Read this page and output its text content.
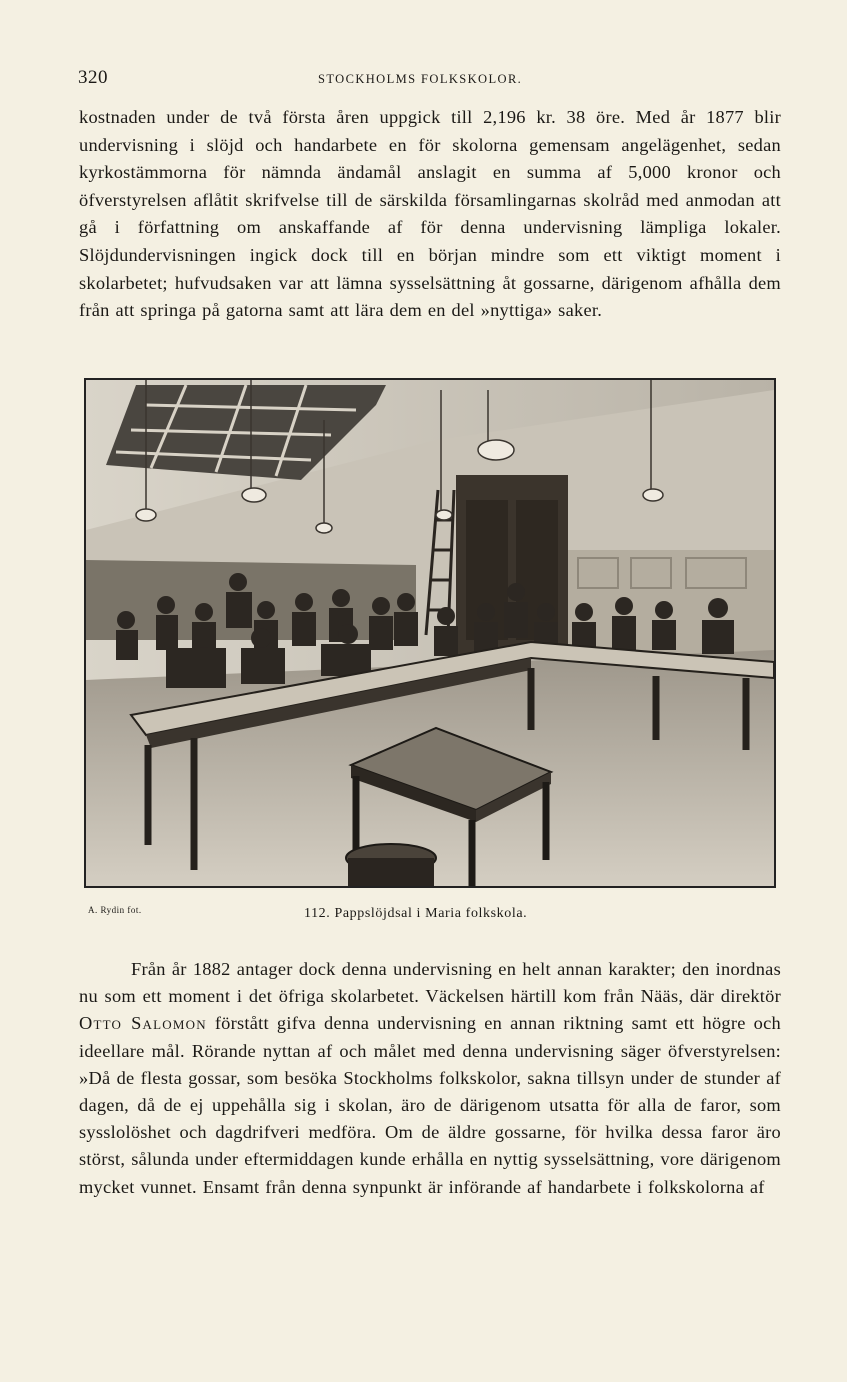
320	STOCKHOLMS FOLKSKOLOR.

kostnaden under de två första åren uppgick till 2,196 kr. 38 öre. Med år 1877 blir undervisning i slöjd och handarbete en för skolorna gemensam angelägenhet, sedan kyrkostämmorna för nämnda ändamål anslagit en summa af 5,000 kronor och öfverstyrelsen aflåtit skrifvelse till de särskilda församlingarnas skolråd med anmodan att gå i författning om anskaffande af för denna undervisning lämpliga lokaler. Slöjdundervisningen ingick dock till en början mindre som ett viktigt moment i skolarbetet; hufvudsaken var att lämna sysselsättning åt gossarne, därigenom afhålla dem från att springa på gatorna samt att lära dem en del »nyttiga» saker.

A. Rydin fot.	112. Pappslöjdsal i Maria folkskola.

Från år 1882 antager dock denna undervisning en helt annan karakter; den inordnas nu som ett moment i det öfriga skolarbetet. Väckelsen härtill kom från Nääs, där direktör Otto Salomon förstått gifva denna undervisning en annan riktning samt ett högre och ideellare mål. Rörande nyttan af och målet med denna undervisning säger öfverstyrelsen: »Då de flesta gossar, som besöka Stockholms folkskolor, sakna tillsyn under de stunder af dagen, då de ej uppehålla sig i skolan, äro de därigenom utsatta för alla de faror, som sysslolöshet och dagdrifveri medföra. Om de äldre gossarne, för hvilka dessa faror äro störst, sålunda under eftermiddagen kunde erhålla en nyttig sysselsättning, vore därigenom mycket vunnet. Ensamt från denna synpunkt är införande af handarbete i folkskolorna af
